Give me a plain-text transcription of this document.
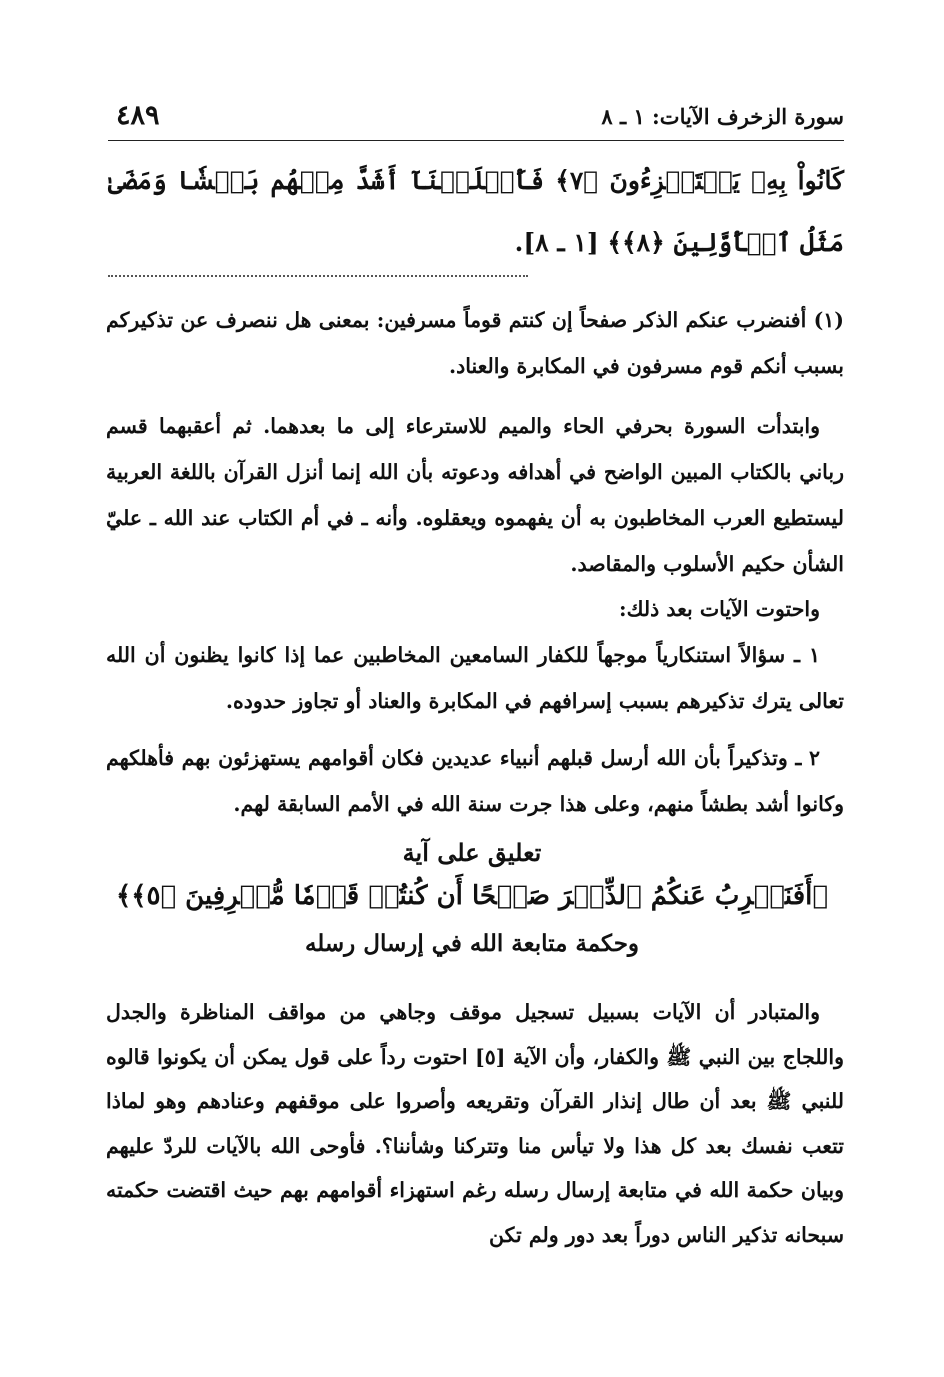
سورة الزخرف الآيات: ١ ـ ٨
٤٨٩
كَانُواْ بِهِۦ يَسۡتَهۡزِءُونَ ﴿٧﴾ فَأَهۡلَكۡنَآ أَشَدَّ مِنۡهُم بَطۡشٗا وَمَضَىٰ مَثَلُ ٱلۡأَوَّلِينَ ﴿٨﴾﴾ [١ ـ ٨].
(١) أفنضرب عنكم الذكر صفحاً إن كنتم قوماً مسرفين: بمعنى هل ننصرف عن تذكيركم بسبب أنكم قوم مسرفون في المكابرة والعناد.
وابتدأت السورة بحرفي الحاء والميم للاسترعاء إلى ما بعدهما. ثم أعقبهما قسم رباني بالكتاب المبين الواضح في أهدافه ودعوته بأن الله إنما أنزل القرآن باللغة العربية ليستطيع العرب المخاطبون به أن يفهموه ويعقلوه. وأنه ـ في أم الكتاب عند الله ـ عليّ الشأن حكيم الأسلوب والمقاصد.
واحتوت الآيات بعد ذلك:
١ ـ سؤالاً استنكارياً موجهاً للكفار السامعين المخاطبين عما إذا كانوا يظنون أن الله تعالى يترك تذكيرهم بسبب إسرافهم في المكابرة والعناد أو تجاوز حدوده.
٢ ـ وتذكيراً بأن الله أرسل قبلهم أنبياء عديدين فكان أقوامهم يستهزئون بهم فأهلكهم وكانوا أشد بطشاً منهم، وعلى هذا جرت سنة الله في الأمم السابقة لهم.
تعليق على آية
﴿أَفَنَضۡرِبُ عَنكُمُ ٱلذِّكۡرَ صَفۡحًا أَن كُنتُمۡ قَوۡمٗا مُّسۡرِفِينَ ﴿٥﴾﴾
وحكمة متابعة الله في إرسال رسله
والمتبادر أن الآيات بسبيل تسجيل موقف وجاهي من مواقف المناظرة والجدل واللجاج بين النبي ﷺ والكفار، وأن الآية [٥] احتوت رداً على قول يمكن أن يكونوا قالوه للنبي ﷺ بعد أن طال إنذار القرآن وتقريعه وأصروا على موقفهم وعنادهم وهو لماذا تتعب نفسك بعد كل هذا ولا تيأس منا وتتركنا وشأننا؟. فأوحى الله بالآيات للردّ عليهم وبيان حكمة الله في متابعة إرسال رسله رغم استهزاء أقوامهم بهم حيث اقتضت حكمته سبحانه تذكير الناس دوراً بعد دور ولم تكن
